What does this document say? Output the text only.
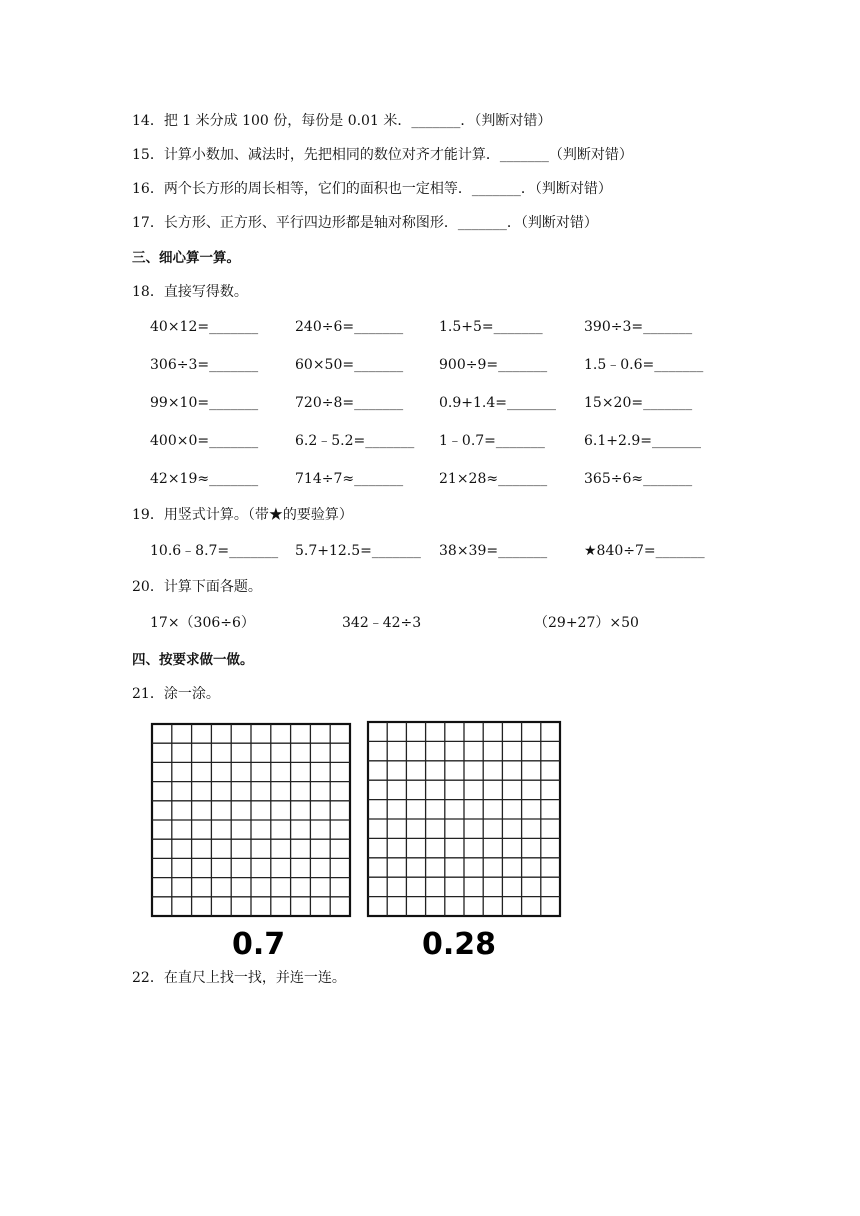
14．把 1 米分成 100 份，每份是 0.01 米．_______．（判断对错）
15．计算小数加、减法时，先把相同的数位对齐才能计算．_______（判断对错）
16．两个长方形的周长相等，它们的面积也一定相等．_______．（判断对错）
17．长方形、正方形、平行四边形都是轴对称图形．_______．（判断对错）
三、细心算一算。
18．直接写得数。
40×12=_______	240÷6=_______	1.5+5=_______	390÷3=_______
306÷3=_______	60×50=_______	900÷9=_______	1.5﹣0.6=_______
99×10=_______	720÷8=_______	0.9+1.4=_______ 15×20=_______
400×0=_______	6.2﹣5.2=_______ 1﹣0.7=_______	6.1+2.9=_______
42×19≈_______	714÷7≈_______	21×28≈_______	365÷6≈_______
19．用竖式计算。（带★的要验算）
10.6﹣8.7=_______ 5.7+12.5=_______ 38×39=_______	★840÷7=_______
20．计算下面各题。
17×（306÷6）	342﹣42÷3	（29+27）×50
四、按要求做一做。
21．涂一涂。
0.7	0.28
22．在直尺上找一找，并连一连。
